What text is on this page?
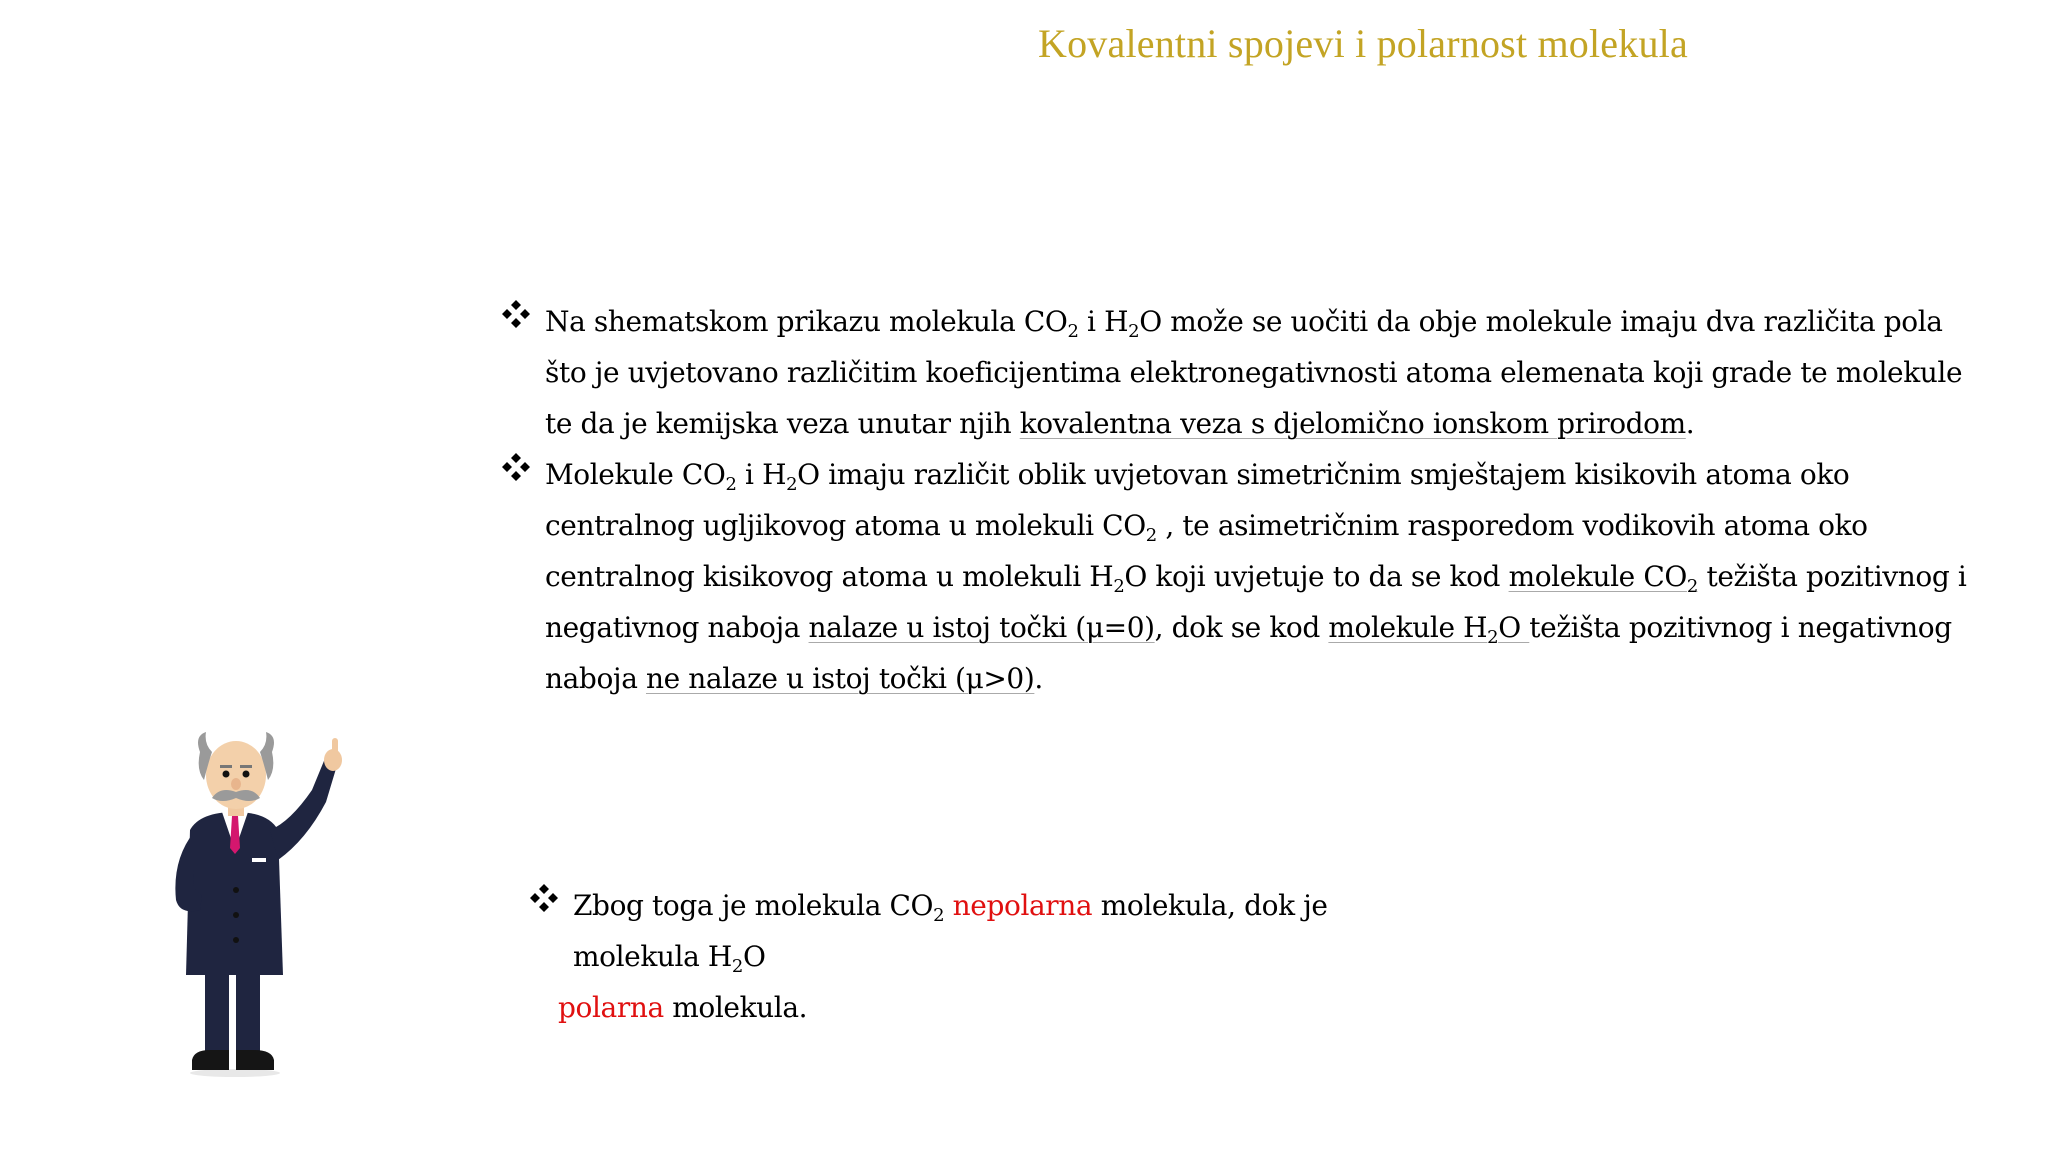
Kovalentni spojevi i polarnost molekula
Na shematskom prikazu molekula $CO_2$ i $H_2O$ može se uočiti da obje molekule imaju dva različita pola što je uvjetovano različitim koeficijentima elektronegativnosti atoma elemenata koji grade te molekule te da je kemijska veza unutar njih kovalentna veza s djelomično ionskom prirodom.
Molekule $CO_2$ i $H_2O$ imaju različit oblik uvjetovan simetričnim smještajem kisikovih atoma oko centralnog ugljikovog atoma u molekuli $CO_2$ , te asimetričnim rasporedom vodikovih atoma oko centralnog kisikovog atoma u molekuli $H_2O$ koji uvjetuje to da se kod molekule $CO_2$ težišta pozitivnog i negativnog naboja nalaze u istoj točki (μ=0), dok se kod molekule $H_2O$ težišta pozitivnog i negativnog naboja ne nalaze u istoj točki (μ>0).
Zbog toga je molekula $CO_2$ nepolarna molekula, dok je molekula $H_2O$
polarna molekula.
